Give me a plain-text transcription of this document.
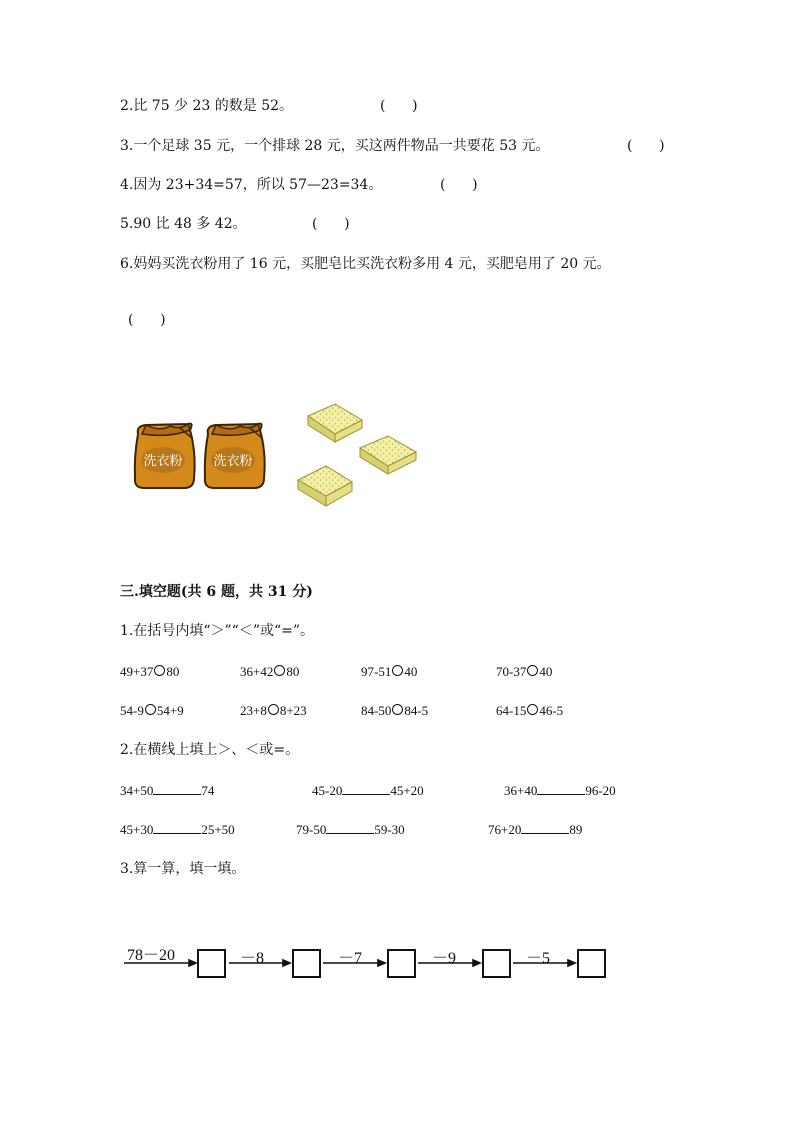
2.比 75 少 23 的数是 52。	(      )
3.一个足球 35 元，一个排球 28 元，买这两件物品一共要花 53 元。	(      )
4.因为 23+34=57，所以 57—23=34。	(      )
5.90 比 48 多 42。	(      )
6.妈妈买洗衣粉用了 16 元，买肥皂比买洗衣粉多用 4 元，买肥皂用了 20 元。
(      )
洗衣粉 洗衣粉
三.填空题(共 6 题，共 31 分)
1.在括号内填“＞”“＜”或“=”。
49+37 80	36+42 80	97-51 40	70-37 40
54-9 54+9	23+8 8+23	84-50 84-5	64-15 46-5
2.在横线上填上＞、＜或=。
34+50	74	45-20	45+20	36+40	96-20
45+30	25+50	79-50	59-30	76+20	89
3.算一算，填一填。
78－20	－8	－7	－9	－5
